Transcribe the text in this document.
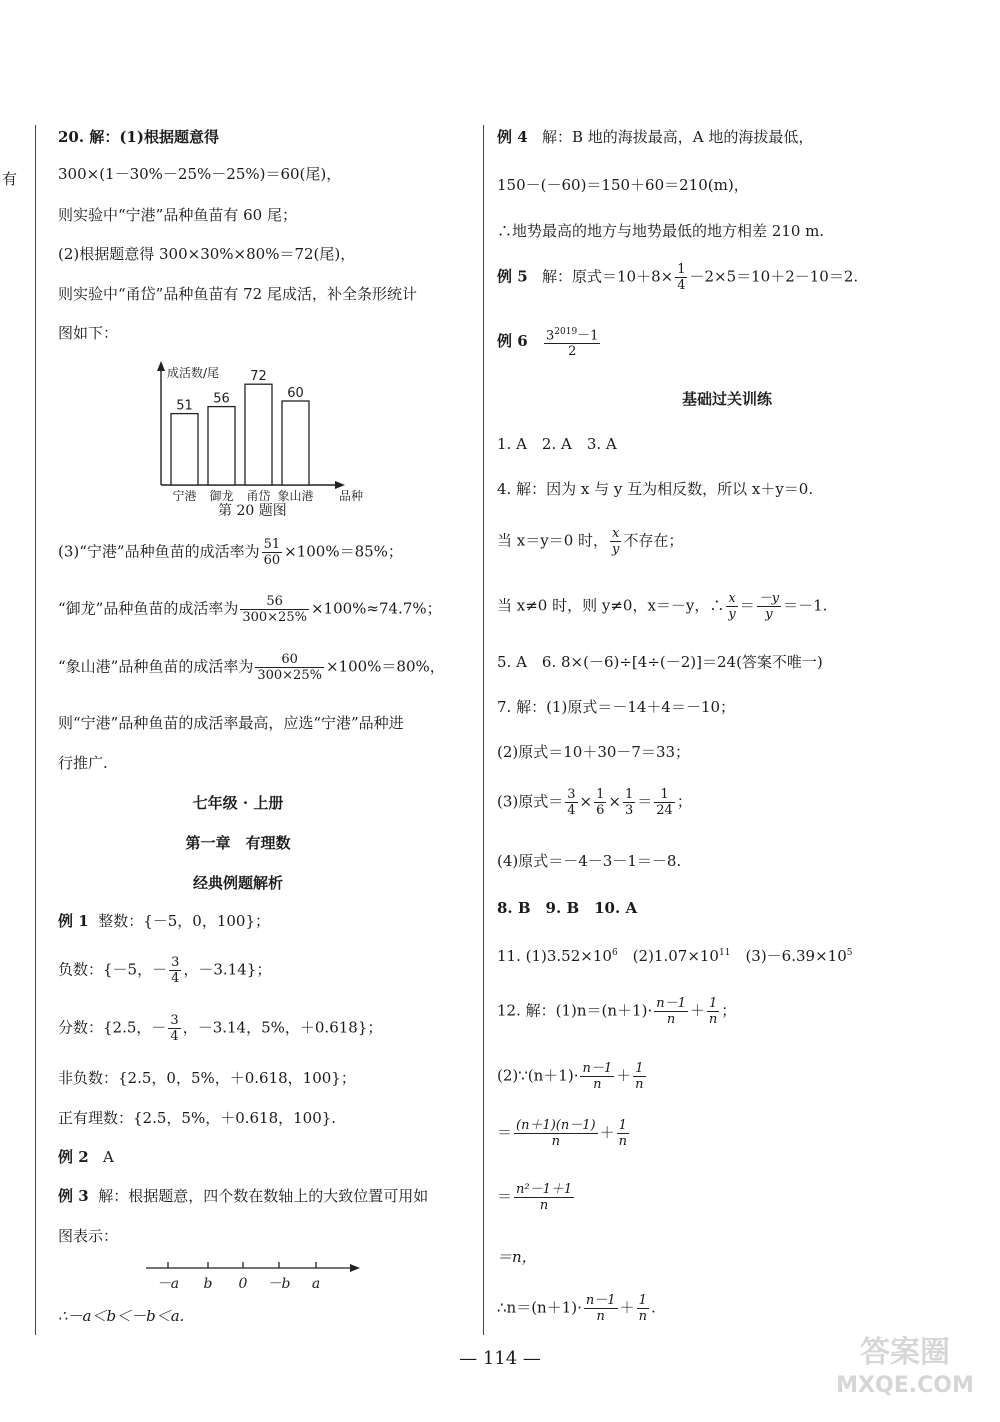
有
20. 解：(1)根据题意得
300×(1－30%－25%－25%)＝60(尾)，
则实验中“宁港”品种鱼苗有 60 尾；
(2)根据题意得 300×30%×80%＝72(尾)，
则实验中“甬岱”品种鱼苗有 72 尾成活，补全条形统计
图如下：
成活数/尾
51
宁港
56
御龙
72
甬岱
60
象山港 品种
第 20 题图
(3)“宁港”品种鱼苗的成活率为 $\frac{51}{60} \times 100\%=85\%$；
“御龙”品种鱼苗的成活率为 $\frac{56}{300\times 25\%} \times 100\%\approx 74.7\%$；
“象山港”品种鱼苗的成活率为 $\frac{60}{300\times 25\%} \times 100\%=80\%$，
则“宁港”品种鱼苗的成活率最高，应选“宁港”品种进
行推广.
七年级 · 上册
第一章　有理数
经典例题解析
例 1 整数：{－5，0，100}；
负数：{－5，－ $\frac{3}{4}$ ，－3.14}；
分数：{2.5，－ $\frac{3}{4}$ ，－3.14，5%，＋0.618}；
非负数：{2.5，0，5%，＋0.618，100}；
正有理数：{2.5，5%，＋0.618，100}.
例 2 A
例 3 解：根据题意，四个数在数轴上的大致位置可用如
图表示：
－a b 0 －b a
∴－a＜b＜－b＜a.
例 4 解：B 地的海拔最高，A 地的海拔最低，
150－(－60)＝150＋60＝210(m)，
∴地势最高的地方与地势最低的地方相差 210 m.
例 5 解：原式$=10+8\times \frac{1}{4} -2\times 5=10+2-10=2$.
例 $6 \frac{3^{2019}-1}{2}$
基础过关训练
1. A　2. A　3. A
4. 解：因为 x 与 y 互为相反数，所以 x＋y＝0.
当 x＝y＝0 时， $\frac{x}{y}$ 不存在；
当 x≠0 时，则 y≠0，x＝－y，∴ $\frac{x}{y} = \frac{-y}{y} =-1$.
5. A　6. 8×(－6)÷[4÷(－2)]＝24(答案不唯一)
7. 解：(1)原式＝－14＋4＝－10；
(2)原式＝10＋30－7＝33；
(3)原式＝ $\frac{3}{4} \times \frac{1}{6} \times \frac{1}{3} = \frac{1}{24}$ ；
(4)原式＝－4－3－1＝－8.
8. B　9. B　10. A
11. $(1)3.52\times 10^6$　$(2)1.07\times 10^{11}$　$(3)-6.39\times 10^5$
12. 解：$(1)n=(n+1)\cdot \frac{n-1}{n} + \frac{1}{n}$ ；
(2)∵(n＋1)· $\frac{n-1}{n} + \frac{1}{n}$
＝ $\frac{(n+1)(n-1)}{n} + \frac{1}{n}$
＝ $\frac{\text{n²－1＋1}}{n}$
＝n，
∴n＝(n＋1)· $\frac{n-1}{n} + \frac{1}{n}$ .
— 114 —	答案圈
MXQE.COM
